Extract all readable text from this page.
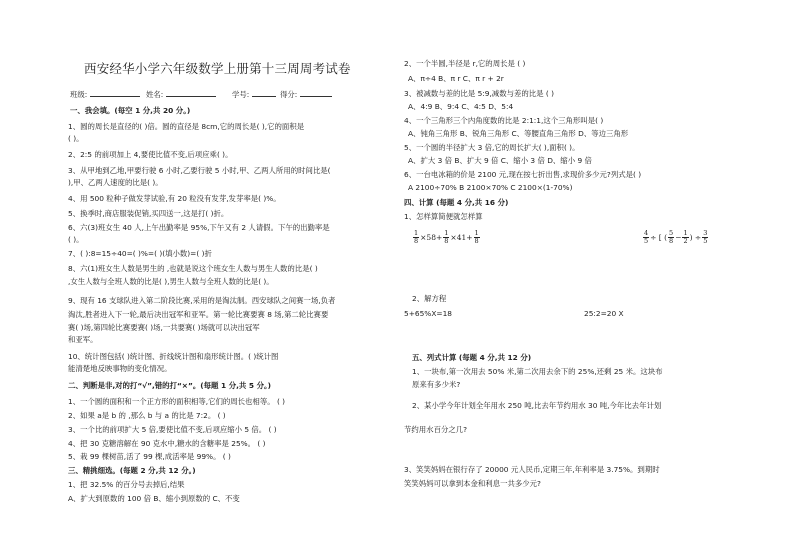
西安经华小学六年级数学上册第十三周周考试卷
班级:	姓名:	学号:	得分:
一、我会填。(每空 1 分,共 20 分。)
1、圆的周长是直径的( )倍。圆的直径是 8cm,它的周长是( ),它的面积是
( )。
2、2:5 的前项加上 4,要使比值不变,后项应乘( )。
3、从甲地到乙地,甲要行驶 6 小时,乙要行驶 5 小时,甲、乙两人所用的时间比是(
),甲、乙两人速度的比是( )。
4、用 500 粒种子做发芽试验,有 20 粒没有发芽,发芽率是( )%。
5、换季时,商店服装促销,买四送一,这是打( )折。
6、六(3)班女生 40 人,上午出勤率是 95%,下午又有 2 人请假。下午的出勤率是
( )。
7、( ):8=15÷40=( )%=( )(填小数)=( )折
8、六(1)班女生人数是男生的 ,也就是说这个班女生人数与男生人数的比是( )
,女生人数与全班人数的比是( ),男生人数与全班人数的比是( )。
9、现有 16 支球队进入第二阶段比赛,采用的是淘汰制。西安球队之间赛一场,负者
淘汰,胜者进入下一轮,最后决出冠军和亚军。第一轮比赛要赛 8 场,第二轮比赛要
赛( )场,第四轮比赛要赛( )场,一共要赛( )场就可以决出冠军
和亚军。
10、统计图包括( )统计图、折线统计图和扇形统计图。( )统计图
能清楚地反映事物的变化情况。
二、判断是非,对的打“√”,错的打“×”。(每题 1 分,共 5 分。)
1、一个圆的面积和一个正方形的面积相等,它们的周长也相等。 ( )
2、如果 a是 b 的 ,那么 b 与 a 的比是 7:2。 ( )
3、一个比的前项扩大 5 倍,要使比值不变,后项应缩小 5 倍。 ( )
4、把 30 克糖溶解在 90 克水中,糖水的含糖率是 25%。 ( )
5、栽 99 棵树苗,活了 99 棵,成活率是 99%。 ( )
三、精挑细选。(每题 2 分,共 12 分。)
1、把 32.5% 的百分号去掉后,结果
A、扩大到原数的 100 倍 B、缩小到原数的 C、不变
2、一个半圆,半径是 r,它的周长是 ( )
A、π÷4 B、π r C、π r + 2r
3、被减数与差的比是 5:9,减数与差的比是 ( )
A、4:9 B、9:4 C、4:5 D、5:4
4、一个三角形三个内角度数的比是 2:1:1,这个三角形叫是( )
A、钝角三角形 B、锐角三角形 C、等腰直角三角形 D、等边三角形
5、一个圆的半径扩大 3 倍,它的周长扩大( ),面积( )。
A、扩大 3 倍 B、扩大 9 倍 C、缩小 3 倍 D、缩小 9 倍
6、一台电冰箱的价是 2100 元,现在按七折出售,求现价多少元?列式是( )
A 2100÷70% B 2100×70% C 2100×(1-70%)
四、计算 (每题 4 分,共 16 分)
1、怎样算简便就怎样算
$\frac{1}{8} \times 58+ \frac{1}{8} \times 41+ \frac{1}{8}$	$\frac{4}{5}$ ÷ [ ( $\frac{5}{8} - \frac{1}{2}$ ) ÷ $\frac{3}{5}$
2、解方程
5+65%X=18	25:2=20 X
五、列式计算 (每题 4 分,共 12 分)
1、一块布,第一次用去 50% 米,第二次用去余下的 25%,还剩 25 米。这块布
原来有多少米?
2、某小学今年计划全年用水 250 吨,比去年节约用水 30 吨,今年比去年计划
节约用水百分之几?
3、笑笑妈妈在银行存了 20000 元人民币,定期三年,年利率是 3.75%。到期时
笑笑妈妈可以拿到本金和利息一共多少元?
